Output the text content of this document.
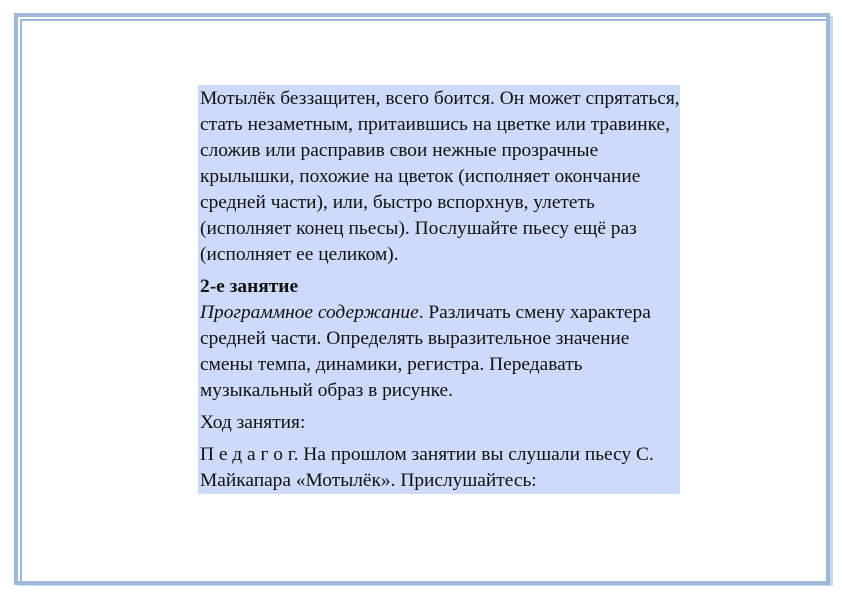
Мотылёк беззащитен, всего боится. Он может спрятаться, стать незаметным, притаившись на цветке или травинке, сложив или расправив свои нежные прозрачные крылышки, похожие на цветок (исполняет окончание средней части), или, быстро вспорхнув, улететь (исполняет конец пьесы). Послушайте пьесу ещё раз (исполняет ее целиком).

2-е занятие
Программное содержание. Различать смену характера средней части. Определять выразительное значение смены темпа, динамики, регистра. Передавать музыкальный образ в рисунке.

Ход занятия:

П е д а г о г. На прошлом занятии вы слушали пьесу С. Майкапара «Мотылёк». Прислушайтесь:
